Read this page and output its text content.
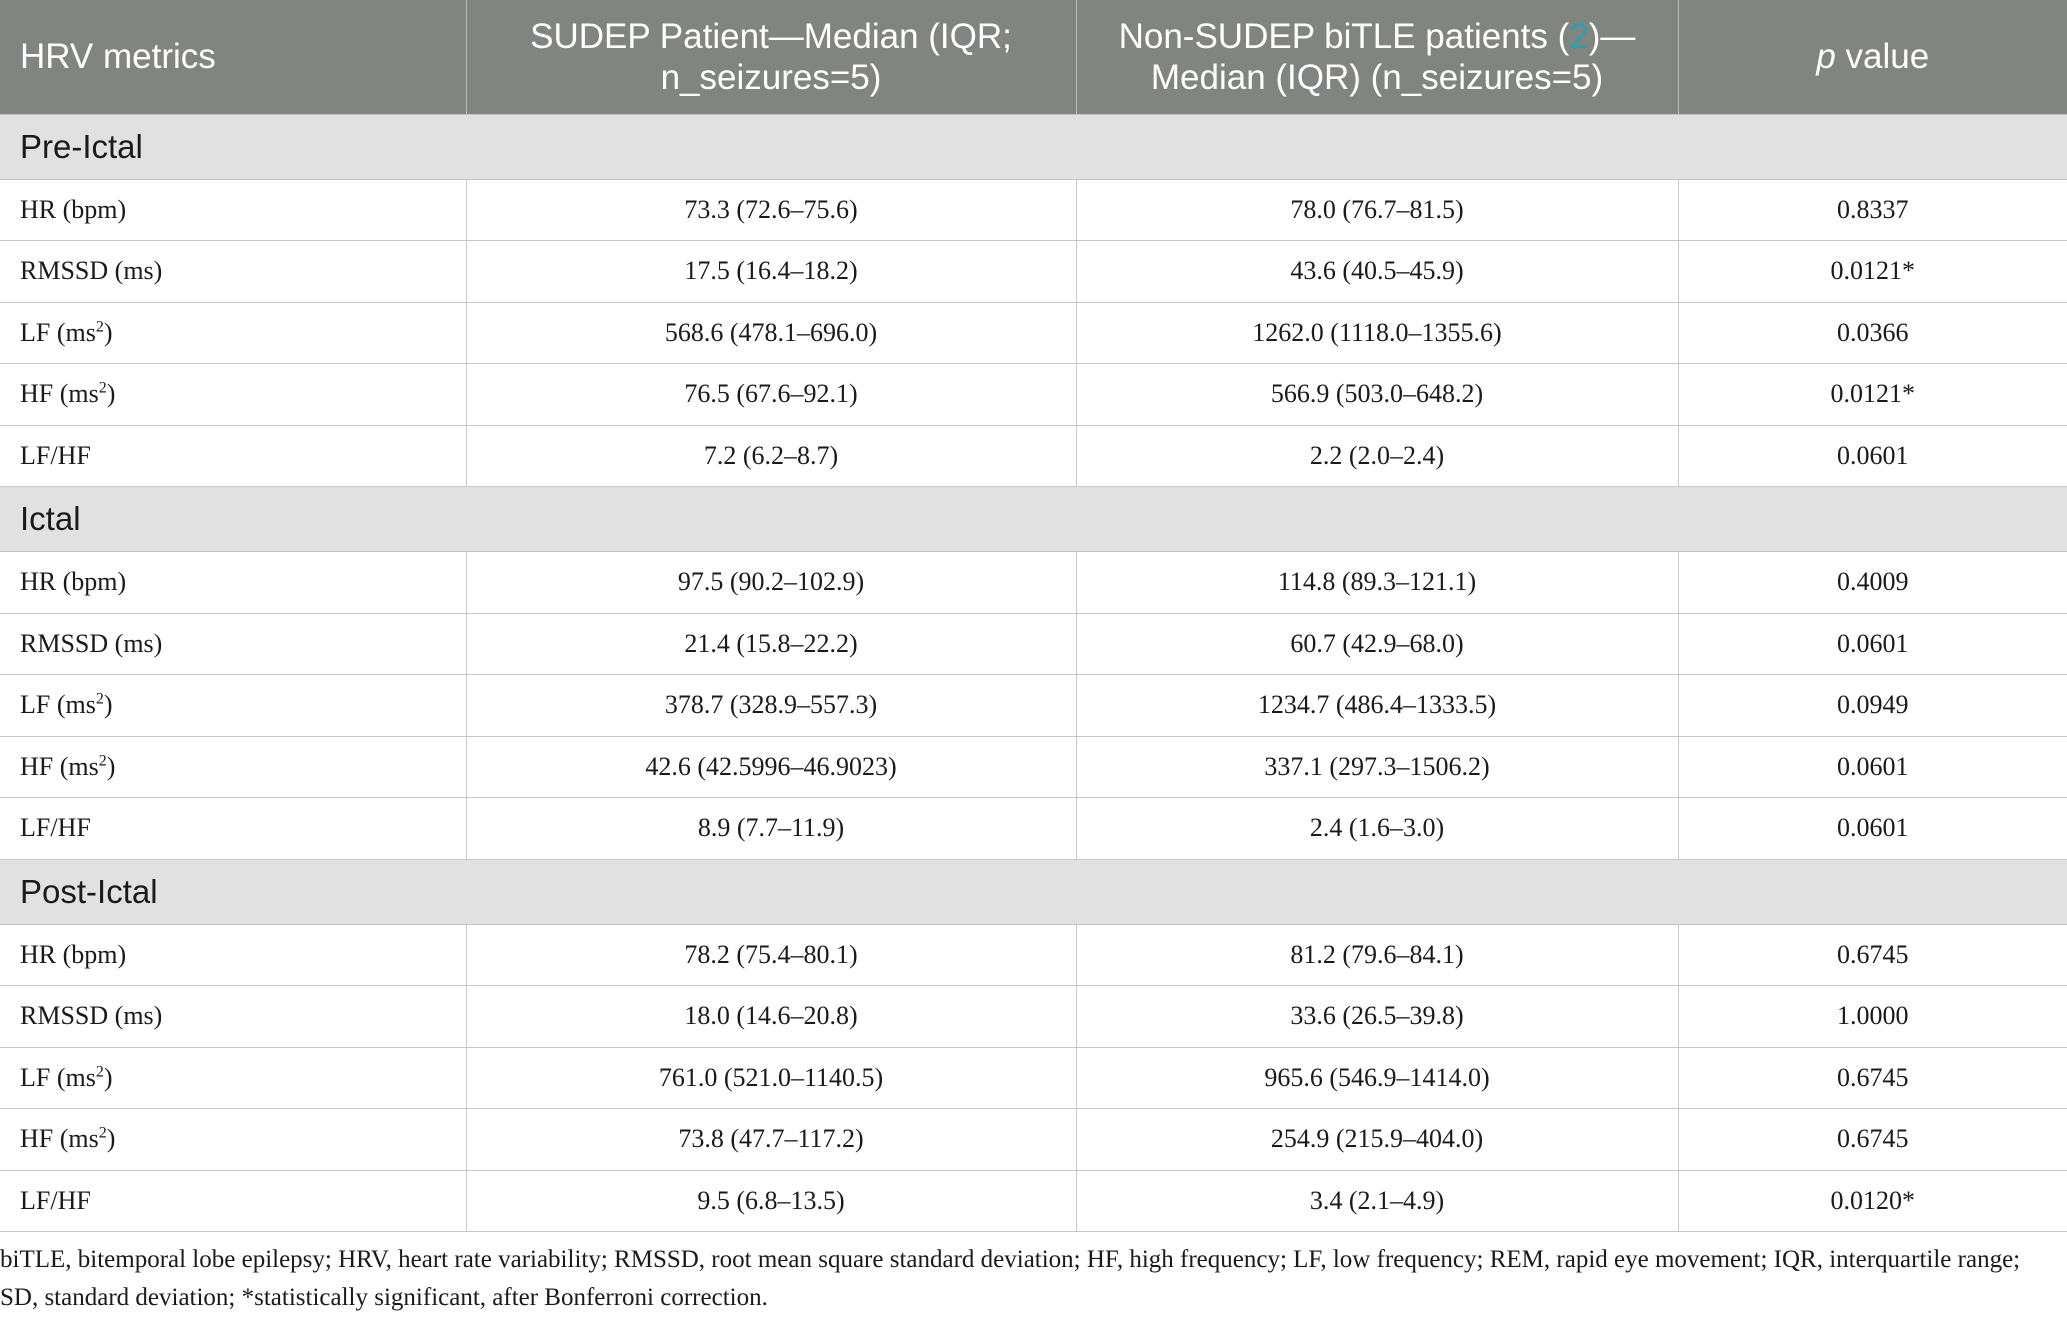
HRV metrics	SUDEP Patient—Median (IQR; n_seizures=5)	Non-SUDEP biTLE patients (2)—Median (IQR) (n_seizures=5)	p value
Pre-Ictal			
HR (bpm)	73.3 (72.6–75.6)	78.0 (76.7–81.5)	0.8337
RMSSD (ms)	17.5 (16.4–18.2)	43.6 (40.5–45.9)	0.0121*
LF $(ms^2)$	568.6 (478.1–696.0)	1262.0 (1118.0–1355.6)	0.0366
HF $(ms^2)$	76.5 (67.6–92.1)	566.9 (503.0–648.2)	0.0121*
LF/HF	7.2 (6.2–8.7)	2.2 (2.0–2.4)	0.0601
Ictal			
HR (bpm)	97.5 (90.2–102.9)	114.8 (89.3–121.1)	0.4009
RMSSD (ms)	21.4 (15.8–22.2)	60.7 (42.9–68.0)	0.0601
LF $(ms^2)$	378.7 (328.9–557.3)	1234.7 (486.4–1333.5)	0.0949
HF $(ms^2)$	42.6 (42.5996–46.9023)	337.1 (297.3–1506.2)	0.0601
LF/HF	8.9 (7.7–11.9)	2.4 (1.6–3.0)	0.0601
Post-Ictal			
HR (bpm)	78.2 (75.4–80.1)	81.2 (79.6–84.1)	0.6745
RMSSD (ms)	18.0 (14.6–20.8)	33.6 (26.5–39.8)	1.0000
LF $(ms^2)$	761.0 (521.0–1140.5)	965.6 (546.9–1414.0)	0.6745
HF $(ms^2)$	73.8 (47.7–117.2)	254.9 (215.9–404.0)	0.6745
LF/HF	9.5 (6.8–13.5)	3.4 (2.1–4.9)	0.0120*

biTLE, bitemporal lobe epilepsy; HRV, heart rate variability; RMSSD, root mean square standard deviation; HF, high frequency; LF, low frequency; REM, rapid eye movement; IQR, interquartile range; SD, standard deviation; *statistically significant, after Bonferroni correction.
